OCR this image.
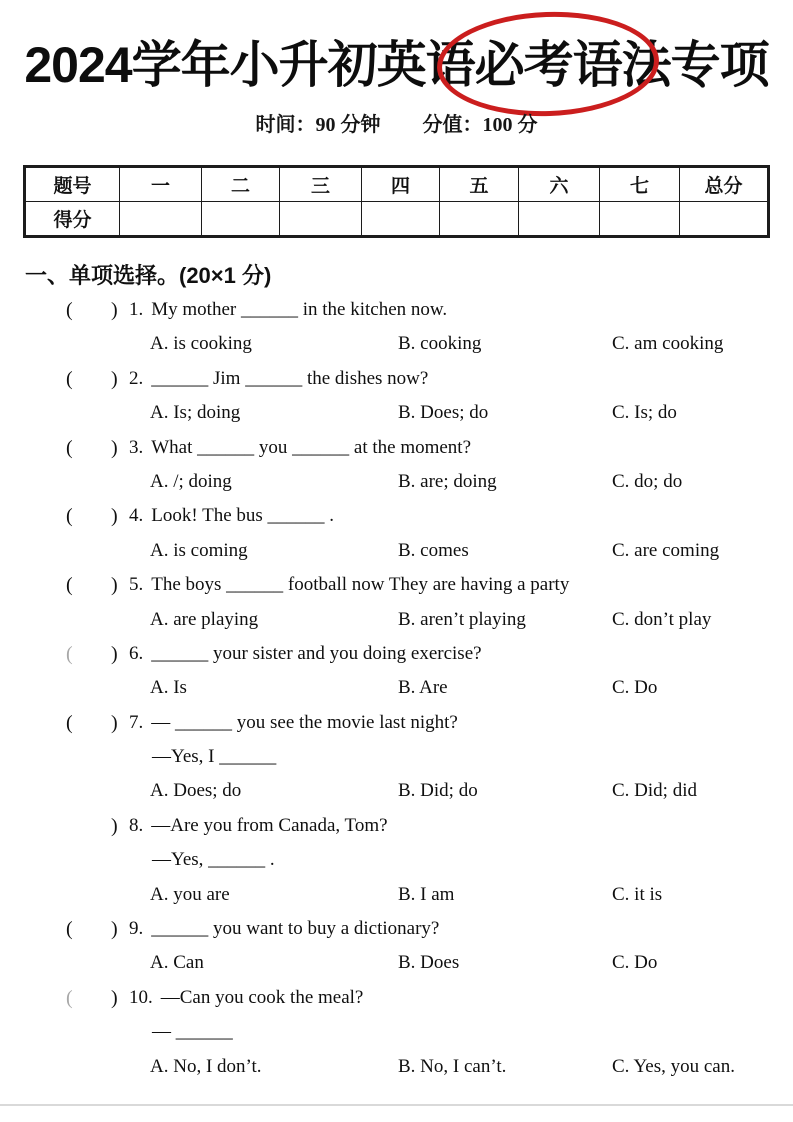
2024学年小升初英语必考语法专项
时间：90 分钟 分值：100 分
题号	一	二	三	四	五	六	七	总分
得分								
一、单项选择。(20×1 分)
( ) 1. My mother ______ in the kitchen now.
A. is cooking	B. cooking	C. am cooking
( ) 2. ______ Jim ______ the dishes now?
A. Is; doing	B. Does; do	C. Is; do
( ) 3. What ______ you ______ at the moment?
A. /; doing	B. are; doing	C. do; do
( ) 4. Look! The bus ______ .
A. is coming	B. comes	C. are coming
( ) 5. The boys ______ football now They are having a party
A. are playing	B. aren’t playing	C. don’t play
( ) 6. ______ your sister and you doing exercise?
A. Is	B. Are	C. Do
( ) 7. — ______ you see the movie last night?
—Yes, I ______
A. Does; do	B. Did; do	C. Did; did
) 8. —Are you from Canada, Tom?
—Yes, ______ .
A. you are	B. I am	C. it is
( ) 9. ______ you want to buy a dictionary?
A. Can	B. Does	C. Do
( ) 10. —Can you cook the meal?
— ______
A. No, I don’t.	B. No, I can’t.	C. Yes, you can.
